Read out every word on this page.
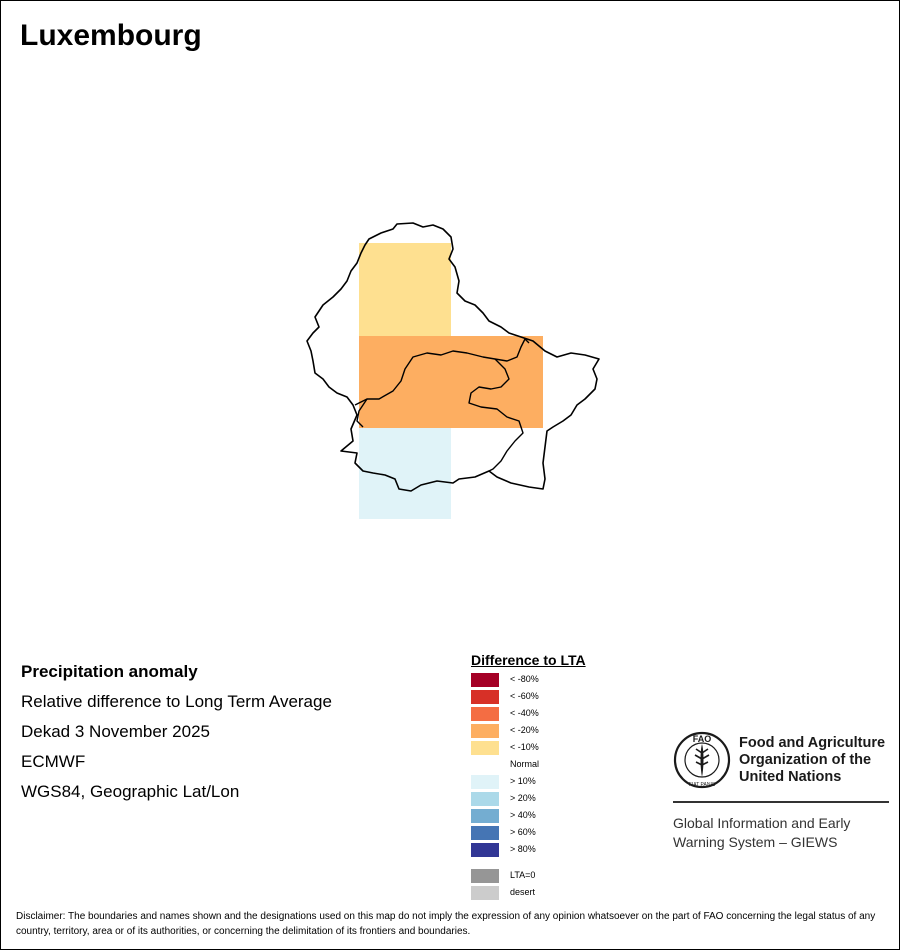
Luxembourg
Precipitation anomaly
Relative difference to Long Term Average
Dekad 3 November 2025
ECMWF
WGS84, Geographic Lat/Lon
Difference to LTA
< -80%
< -60%
< -40%
< -20%
< -10%
Normal
> 10%
> 20%
> 40%
> 60%
> 80%
LTA=0
desert
FAO
FIAT PANIS
Food and Agriculture
Organization of the
United Nations
Global Information and Early
Warning System – GIEWS
Disclaimer: The boundaries and names shown and the designations used on this map do not imply the expression of any opinion whatsoever on the part of FAO concerning the legal status of any country, territory, area or of its authorities, or concerning the delimitation of its frontiers and boundaries.
